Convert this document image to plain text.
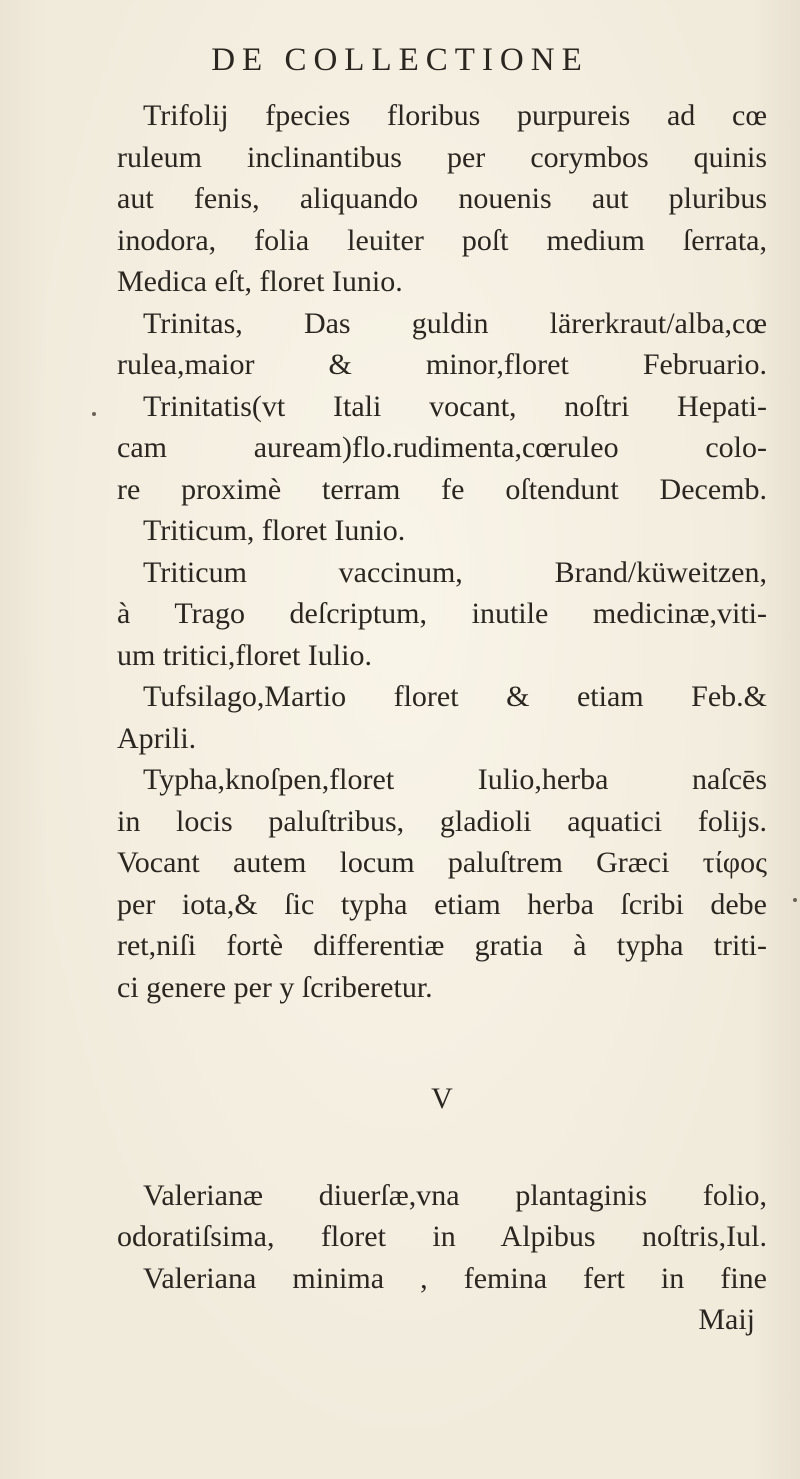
DE COLLECTIONE
Trifolij fpecies floribus purpureis ad cœ
ruleum inclinantibus per corymbos quinis
aut fenis, aliquando nouenis aut pluribus
inodora, folia leuiter poſt medium ſerrata,
Medica eſt, floret Iunio.
Trinitas, Das guldin lärerkraut/alba,cœ
rulea,maior & minor,floret Februario.
Trinitatis(vt Itali vocant, noſtri Hepati-
cam auream)flo.rudimenta,cœruleo colo-
re proximè terram fe oſtendunt Decemb.
Triticum, floret Iunio.
Triticum vaccinum, Brand/küweitzen,
à Trago deſcriptum, inutile medicinæ,viti-
um tritici,floret Iulio.
Tufsilago,Martio floret & etiam Feb.&
Aprili.
Typha,knoſpen,floret Iulio,herba naſcēs
in locis paluſtribus, gladioli aquatici folijs.
Vocant autem locum paluſtrem Græci τίφος
per iota,& ſic typha etiam herba ſcribi debe
ret,niſi fortè differentiæ gratia à typha triti-
ci genere per y ſcriberetur.
V
Valerianæ diuerſæ,vna plantaginis folio,
odoratiſsima, floret in Alpibus noſtris,Iul.
Valeriana minima , femina fert in fine
Maij
